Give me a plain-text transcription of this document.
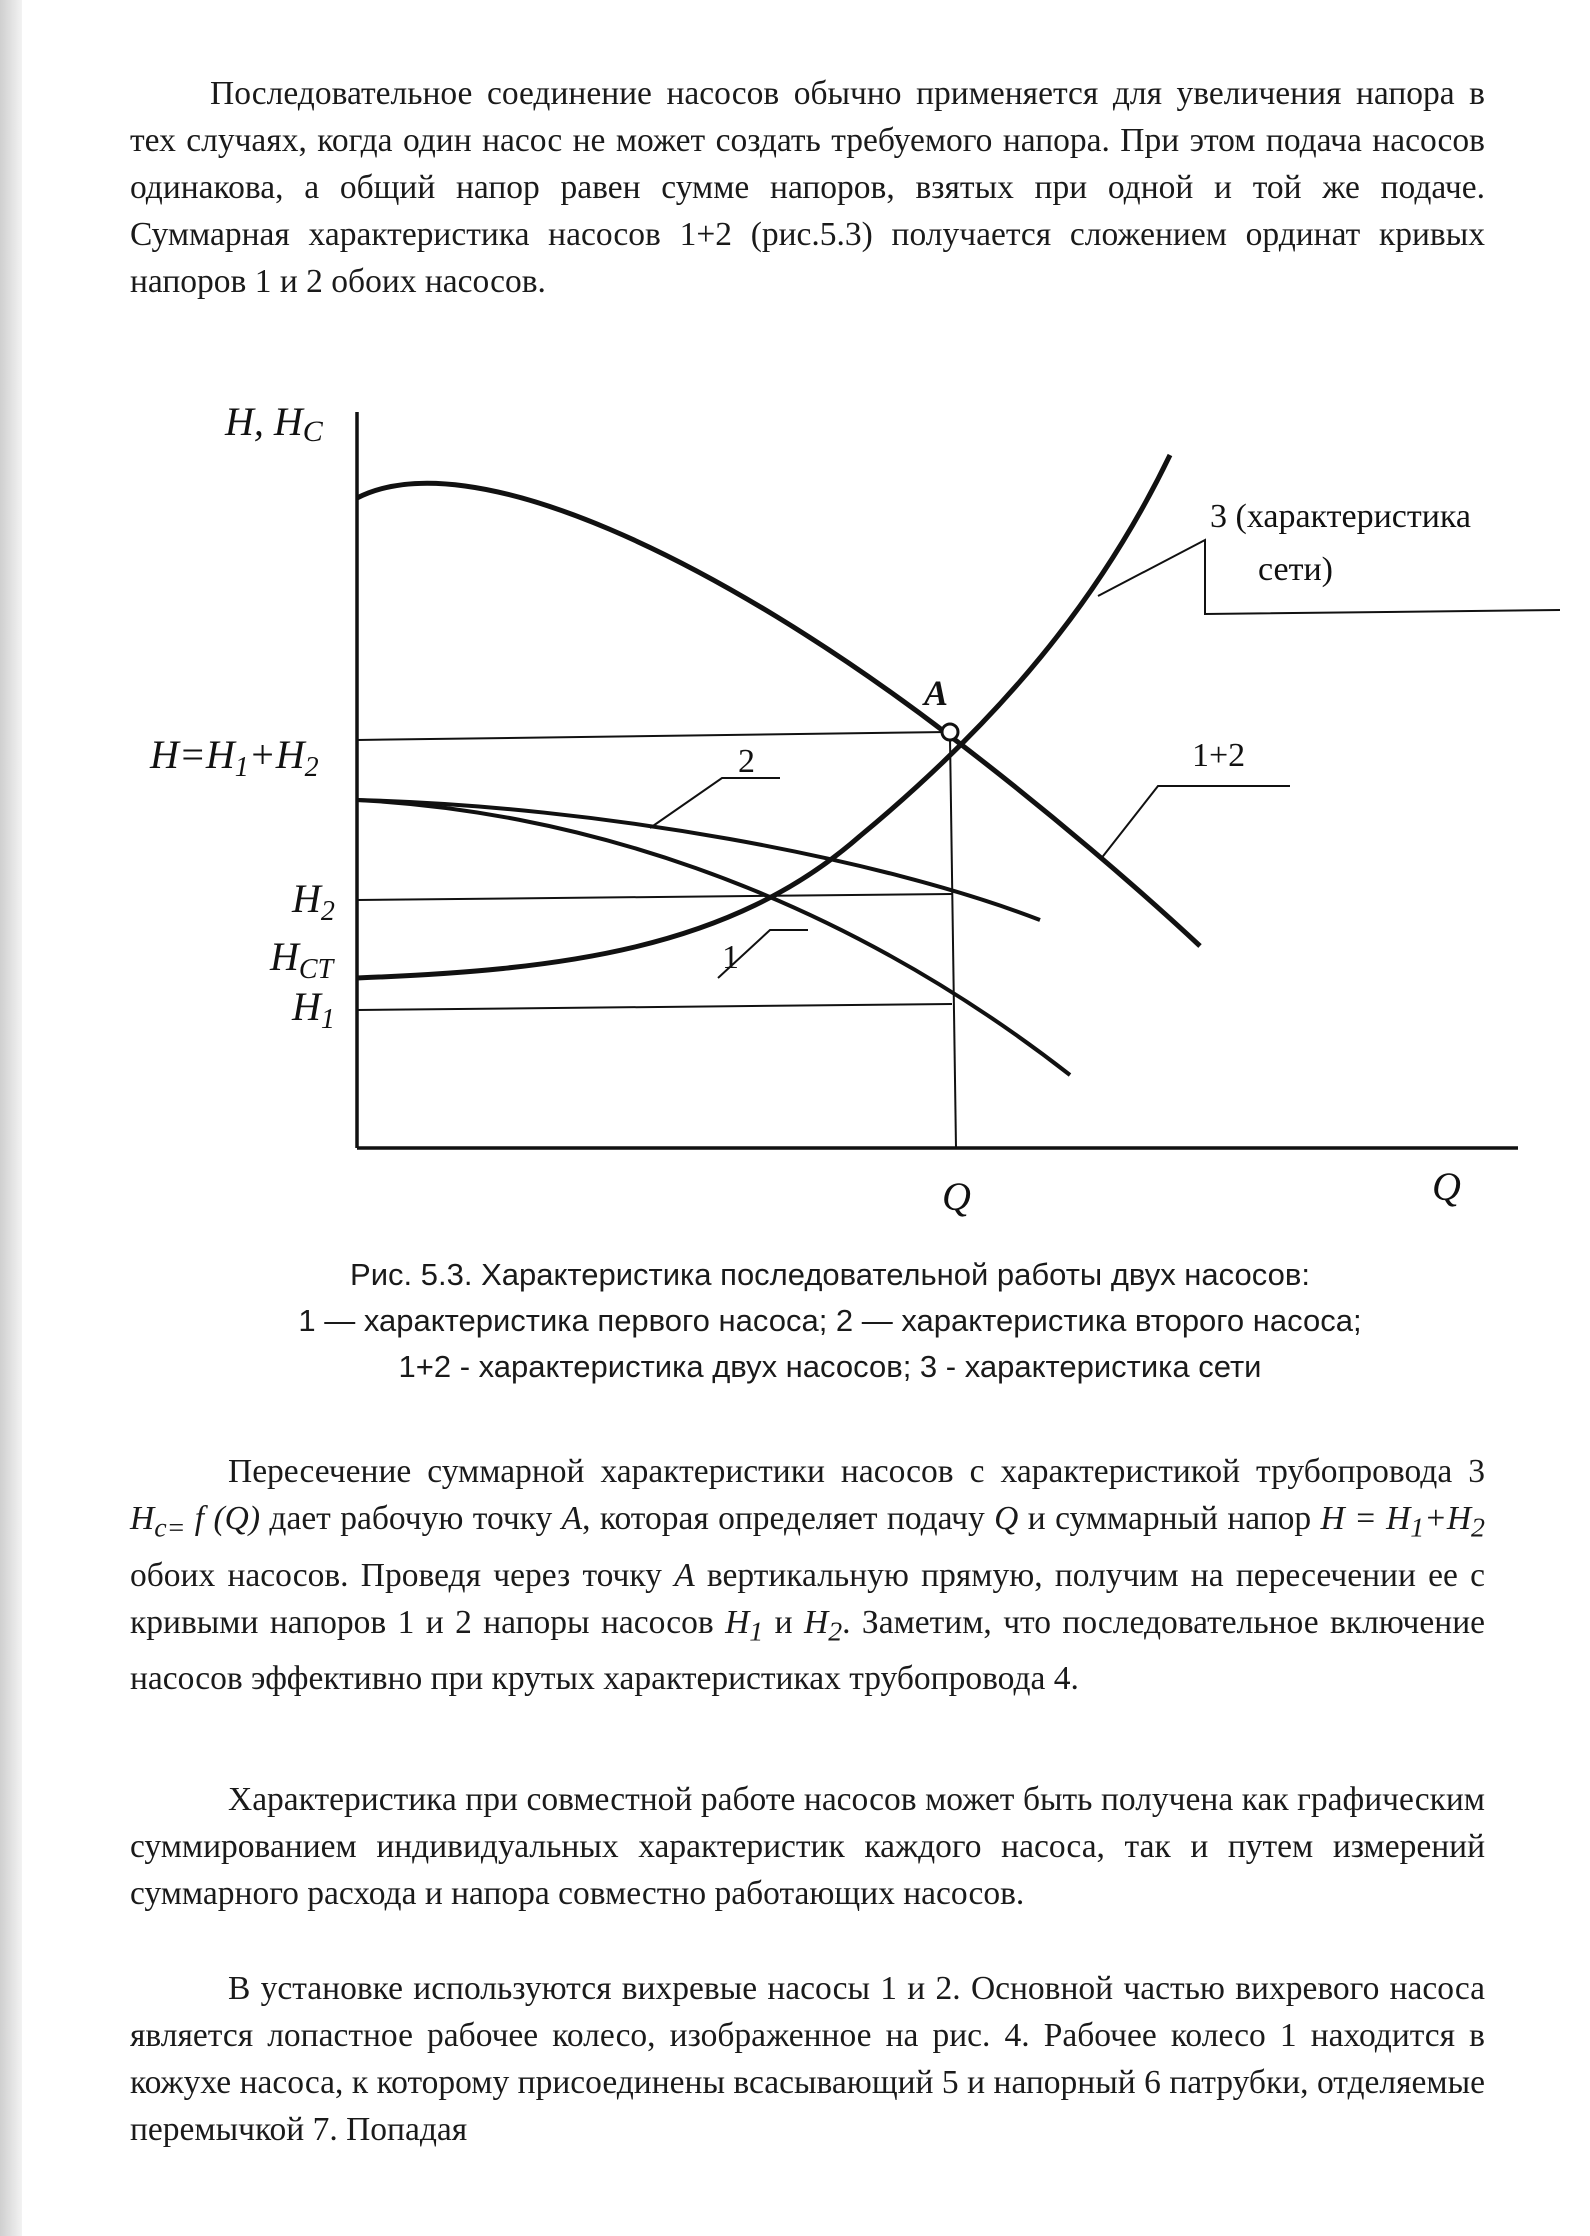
Последовательное соединение насосов обычно применяется для увеличения напора в тех случаях, когда один насос не может создать требуемого напора. При этом подача насосов одинакова, а общий напор равен сумме напоров, взятых при одной и той же подаче. Суммарная характеристика насосов 1+2 (рис.5.3) получается сложением ординат кривых напоров 1 и 2 обоих насосов.

H, HC
A
$H=H_1+H_2$
$H_2$
$H_{CT}$
$H_1$
2
1
1+2
3 (характеристика
сети)
Q	Q
Рис. 5.3. Характеристика последовательной работы двух насосов:
1 — характеристика первого насоса; 2 — характеристика второго насоса;
1+2 - характеристика двух насосов; 3 - характеристика сети

Пересечение суммарной характеристики насосов с характеристикой трубопровода 3 $H_{c=}$ f (Q) дает рабочую точку A, которая определяет подачу Q и суммарный напор $H = H_1+H_2$ обоих насосов. Проведя через точку А вертикальную прямую, получим на пересечении ее с кривыми напоров 1 и 2 напоры насосов $H_1$ и $H_2$. Заметим, что последовательное включение насосов эффективно при крутых характеристиках трубопровода 4.

Характеристика при совместной работе насосов может быть получена как графическим суммированием индивидуальных характеристик каждого насоса, так и путем измерений суммарного расхода и напора совместно работающих насосов.

В установке используются вихревые насосы 1 и 2. Основной частью вихревого насоса является лопастное рабочее колесо, изображенное на рис. 4. Рабочее колесо 1 находится в кожухе насоса, к которому присоединены всасывающий 5 и напорный 6 патрубки, отделяемые перемычкой 7. Попадая
